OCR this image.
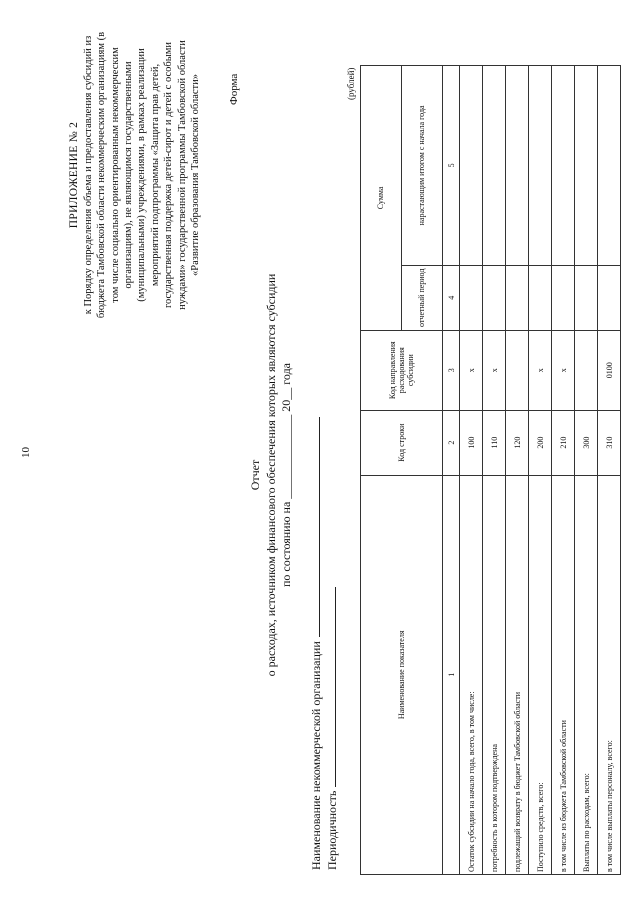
10
ПРИЛОЖЕНИЕ № 2 к Порядку определения объема и предоставления субсидий из бюджета Тамбовской области некоммерческим организациям (в том числе социально ориентированным некоммерческим организациям), не являющимся государственными (муниципальными) учреждениями, в рамках реализации мероприятий подпрограммы «Защита прав детей, государственная поддержка детей-сирот и детей с особыми нуждами» государственной программы Тамбовской области «Развитие образования Тамбовской области» Форма
Отчет о расходах, источником финансового обеспечения которых являются субсидии по состоянию на ______________ 20__ года
Наименование некоммерческой организации Периодичность
(рублей)
Наименование показателя	Код строки	Код направления расходования субсидии	Сумма	
			отчетный период	нарастающим итогом с начала года
1	2	3	4	5
Остаток субсидии на начало года, всего, в том числе:	100	х		
потребность в котором подтверждена	110	х		
подлежащий возврату в бюджет Тамбовской области	120			
Поступило средств, всего:	200	х		
в том числе из бюджета Тамбовской области	210	х		
Выплаты по расходам, всего:	300			
в том числе выплаты персоналу, всего:	310	0100		
